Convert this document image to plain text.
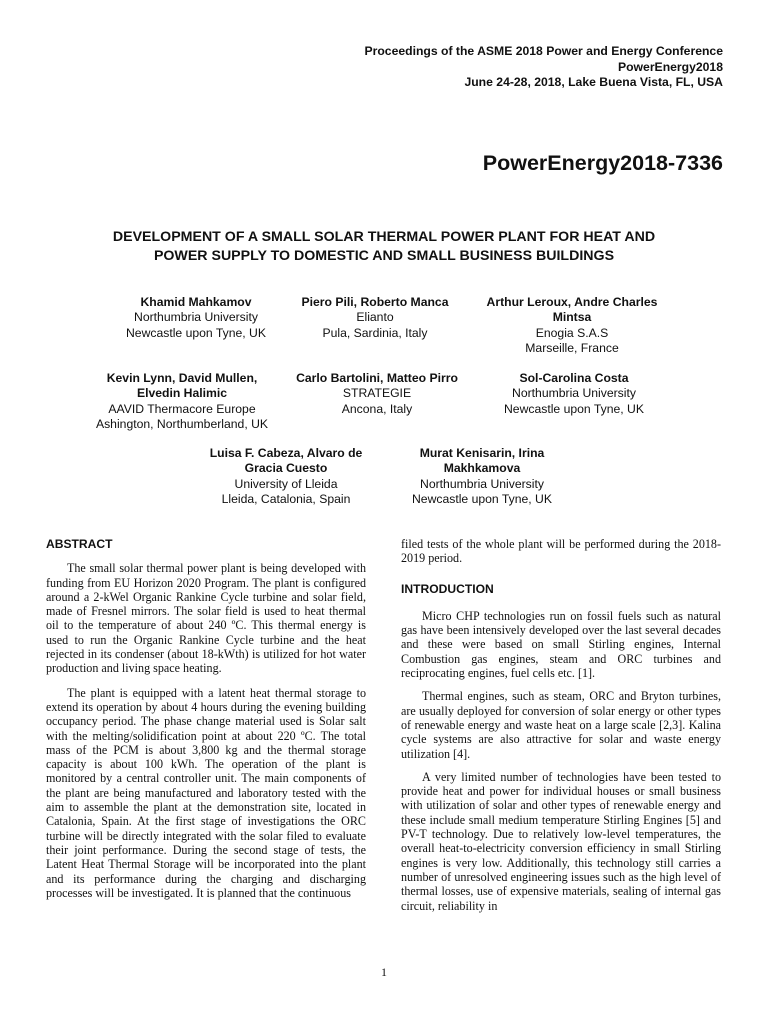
Proceedings of the ASME 2018 Power and Energy Conference
PowerEnergy2018
June 24-28, 2018, Lake Buena Vista, FL, USA
PowerEnergy2018-7336
DEVELOPMENT OF A SMALL SOLAR THERMAL POWER PLANT FOR HEAT AND
POWER SUPPLY TO DOMESTIC AND SMALL BUSINESS BUILDINGS
Khamid Mahkamov
Northumbria University
Newcastle upon Tyne, UK
Piero Pili, Roberto Manca
Elianto
Pula, Sardinia, Italy
Arthur Leroux, Andre Charles
Mintsa
Enogia S.A.S
Marseille, France
Kevin Lynn, David Mullen,
Elvedin Halimic
AAVID Thermacore Europe
Ashington, Northumberland, UK
Carlo Bartolini, Matteo Pirro
STRATEGIE
Ancona, Italy
Sol-Carolina Costa
Northumbria University
Newcastle upon Tyne, UK
Luisa F. Cabeza, Alvaro de
Gracia Cuesto
University of Lleida
Lleida, Catalonia, Spain
Murat Kenisarin, Irina
Makhkamova
Northumbria University
Newcastle upon Tyne, UK
ABSTRACT

The small solar thermal power plant is being developed with funding from EU Horizon 2020 Program. The plant is configured around a 2-kWel Organic Rankine Cycle turbine and solar field, made of Fresnel mirrors. The solar field is used to heat thermal oil to the temperature of about 240 ºC. This thermal energy is used to run the Organic Rankine Cycle turbine and the heat rejected in its condenser (about 18-kWth) is utilized for hot water production and living space heating.

The plant is equipped with a latent heat thermal storage to extend its operation by about 4 hours during the evening building occupancy period. The phase change material used is Solar salt with the melting/solidification point at about 220 ºC. The total mass of the PCM is about 3,800 kg and the thermal storage capacity is about 100 kWh. The operation of the plant is monitored by a central controller unit. The main components of the plant are being manufactured and laboratory tested with the aim to assemble the plant at the demonstration site, located in Catalonia, Spain. At the first stage of investigations the ORC turbine will be directly integrated with the solar filed to evaluate their joint performance. During the second stage of tests, the Latent Heat Thermal Storage will be incorporated into the plant and its performance during the charging and discharging processes will be investigated. It is planned that the continuous

filed tests of the whole plant will be performed during the 2018-2019 period.

INTRODUCTION

Micro CHP technologies run on fossil fuels such as natural gas have been intensively developed over the last several decades and these were based on small Stirling engines, Internal Combustion gas engines, steam and ORC turbines and reciprocating engines, fuel cells etc. [1].

Thermal engines, such as steam, ORC and Bryton turbines, are usually deployed for conversion of solar energy or other types of renewable energy and waste heat on a large scale [2,3]. Kalina cycle systems are also attractive for solar and waste energy utilization [4].

A very limited number of technologies have been tested to provide heat and power for individual houses or small business with utilization of solar and other types of renewable energy and these include small medium temperature Stirling Engines [5] and PV-T technology. Due to relatively low-level temperatures, the overall heat-to-electricity conversion efficiency in small Stirling engines is very low. Additionally, this technology still carries a number of unresolved engineering issues such as the high level of thermal losses, use of expensive materials, sealing of internal gas circuit, reliability in

1
